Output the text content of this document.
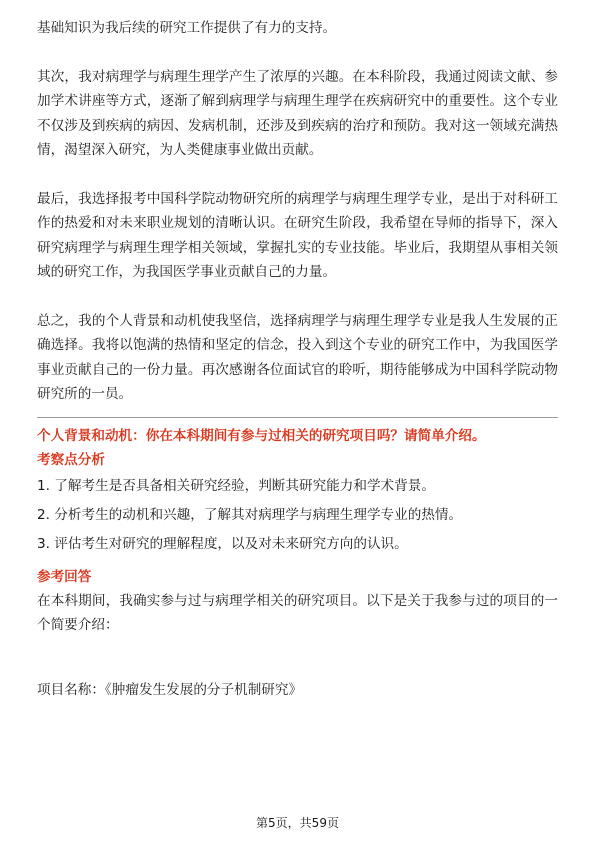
基础知识为我后续的研究工作提供了有力的支持。

其次，我对病理学与病理生理学产生了浓厚的兴趣。在本科阶段，我通过阅读文献、参加学术讲座等方式，逐渐了解到病理学与病理生理学在疾病研究中的重要性。这个专业不仅涉及到疾病的病因、发病机制，还涉及到疾病的治疗和预防。我对这一领域充满热情，渴望深入研究，为人类健康事业做出贡献。

最后，我选择报考中国科学院动物研究所的病理学与病理生理学专业，是出于对科研工作的热爱和对未来职业规划的清晰认识。在研究生阶段，我希望在导师的指导下，深入研究病理学与病理生理学相关领域，掌握扎实的专业技能。毕业后，我期望从事相关领域的研究工作，为我国医学事业贡献自己的力量。

总之，我的个人背景和动机使我坚信，选择病理学与病理生理学专业是我人生发展的正确选择。我将以饱满的热情和坚定的信念，投入到这个专业的研究工作中，为我国医学事业贡献自己的一份力量。再次感谢各位面试官的聆听，期待能够成为中国科学院动物研究所的一员。

个人背景和动机：你在本科期间有参与过相关的研究项目吗？请简单介绍。

考察点分析

1. 了解考生是否具备相关研究经验，判断其研究能力和学术背景。
2. 分析考生的动机和兴趣，了解其对病理学与病理生理学专业的热情。
3. 评估考生对研究的理解程度，以及对未来研究方向的认识。

参考回答

在本科期间，我确实参与过与病理学相关的研究项目。以下是关于我参与过的项目的一个简要介绍：

项目名称：《肿瘤发生发展的分子机制研究》

第5页，共59页
